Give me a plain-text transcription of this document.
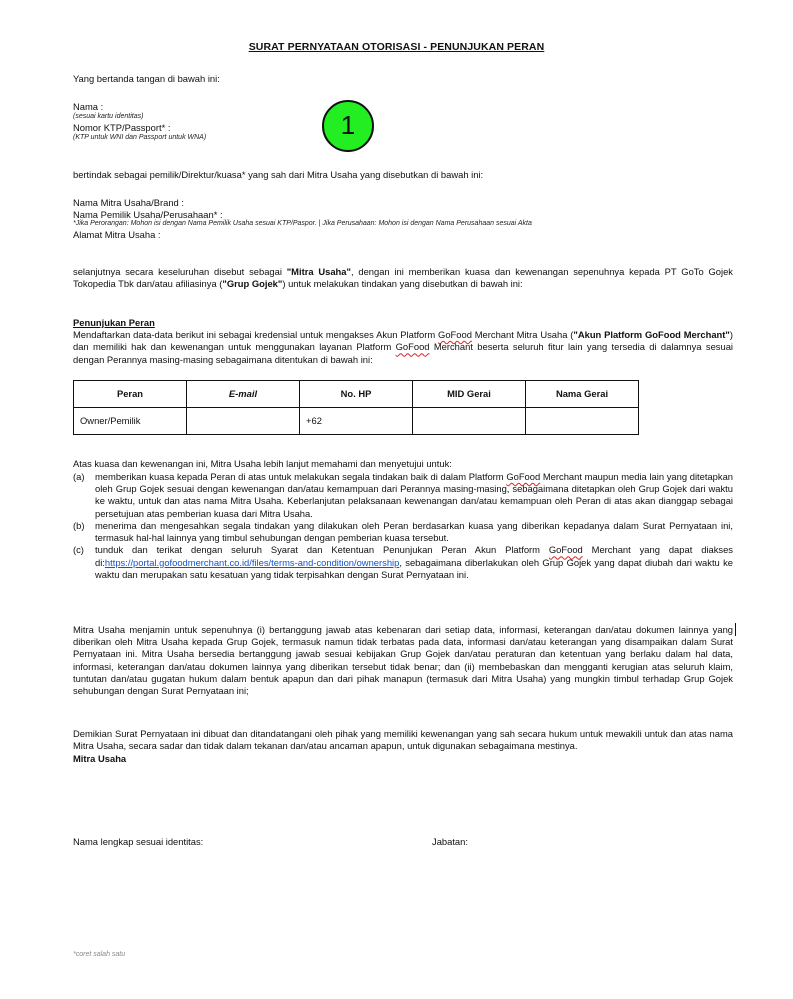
SURAT PERNYATAAN OTORISASI - PENUNJUKAN PERAN
1
Yang bertanda tangan di bawah ini:
Nama :
(sesuai kartu identitas)
Nomor KTP/Passport* :
(KTP untuk WNI dan Passport untuk WNA)
bertindak sebagai pemilik/Direktur/kuasa* yang sah dari Mitra Usaha yang disebutkan di bawah ini:
Nama Mitra Usaha/Brand :
Nama Pemilik Usaha/Perusahaan* :
*Jika Perorangan: Mohon isi dengan Nama Pemilik Usaha sesuai KTP/Paspor. | Jika Perusahaan: Mohon isi dengan Nama Perusahaan sesuai Akta
Alamat Mitra Usaha :
selanjutnya secara keseluruhan disebut sebagai "Mitra Usaha", dengan ini memberikan kuasa dan kewenangan sepenuhnya kepada PT GoTo Gojek Tokopedia Tbk dan/atau afiliasinya ("Grup Gojek") untuk melakukan tindakan yang disebutkan di bawah ini:
Penunjukan Peran
Mendaftarkan data-data berikut ini sebagai kredensial untuk mengakses Akun Platform GoFood Merchant Mitra Usaha ("Akun Platform GoFood Merchant") dan memiliki hak dan kewenangan untuk menggunakan layanan Platform GoFood Merchant beserta seluruh fitur lain yang tersedia di dalamnya sesuai dengan Perannya masing-masing sebagaimana ditentukan di bawah ini:
Peran	E-mail	No. HP	MID Gerai	Nama Gerai
Owner/Pemilik		+62		
Atas kuasa dan kewenangan ini, Mitra Usaha lebih lanjut memahami dan menyetujui untuk:
(a)	memberikan kuasa kepada Peran di atas untuk melakukan segala tindakan baik di dalam Platform GoFood Merchant maupun media lain yang ditetapkan oleh Grup Gojek sesuai dengan kewenangan dan/atau kemampuan dari Perannya masing-masing, sebagaimana ditetapkan oleh Grup Gojek dari waktu ke waktu, untuk dan atas nama Mitra Usaha. Keberlanjutan pelaksanaan kewenangan dan/atau kemampuan oleh Peran di atas akan dianggap sebagai persetujuan atas pemberian kuasa dari Mitra Usaha.
(b)	menerima dan mengesahkan segala tindakan yang dilakukan oleh Peran berdasarkan kuasa yang diberikan kepadanya dalam Surat Pernyataan ini, termasuk hal-hal lainnya yang timbul sehubungan dengan pemberian kuasa tersebut.
(c)	tunduk dan terikat dengan seluruh Syarat dan Ketentuan Penunjukan Peran Akun Platform GoFood Merchant yang dapat diakses di:https://portal.gofoodmerchant.co.id/files/terms-and-condition/ownership, sebagaimana diberlakukan oleh Grup Gojek yang dapat diubah dari waktu ke waktu dan merupakan satu kesatuan yang tidak terpisahkan dengan Surat Pernyataan ini.
Mitra Usaha menjamin untuk sepenuhnya (i) bertanggung jawab atas kebenaran dari setiap data, informasi, keterangan dan/atau dokumen lainnya yang diberikan oleh Mitra Usaha kepada Grup Gojek, termasuk namun tidak terbatas pada data, informasi dan/atau keterangan yang disampaikan dalam Surat Pernyataan ini. Mitra Usaha bersedia bertanggung jawab sesuai kebijakan Grup Gojek dan/atau peraturan dan ketentuan yang berlaku dalam hal data, informasi, keterangan dan/atau dokumen lainnya yang diberikan tersebut tidak benar; dan (ii) membebaskan dan mengganti kerugian atas seluruh klaim, tuntutan dan/atau gugatan hukum dalam bentuk apapun dan dari pihak manapun (termasuk dari Mitra Usaha) yang mungkin timbul terhadap Grup Gojek sehubungan dengan Surat Pernyataan ini;
Demikian Surat Pernyataan ini dibuat dan ditandatangani oleh pihak yang memiliki kewenangan yang sah secara hukum untuk mewakili untuk dan atas nama Mitra Usaha, secara sadar dan tidak dalam tekanan dan/atau ancaman apapun, untuk digunakan sebagaimana mestinya.
Mitra Usaha
Nama lengkap sesuai identitas:	Jabatan:
*coret salah satu
